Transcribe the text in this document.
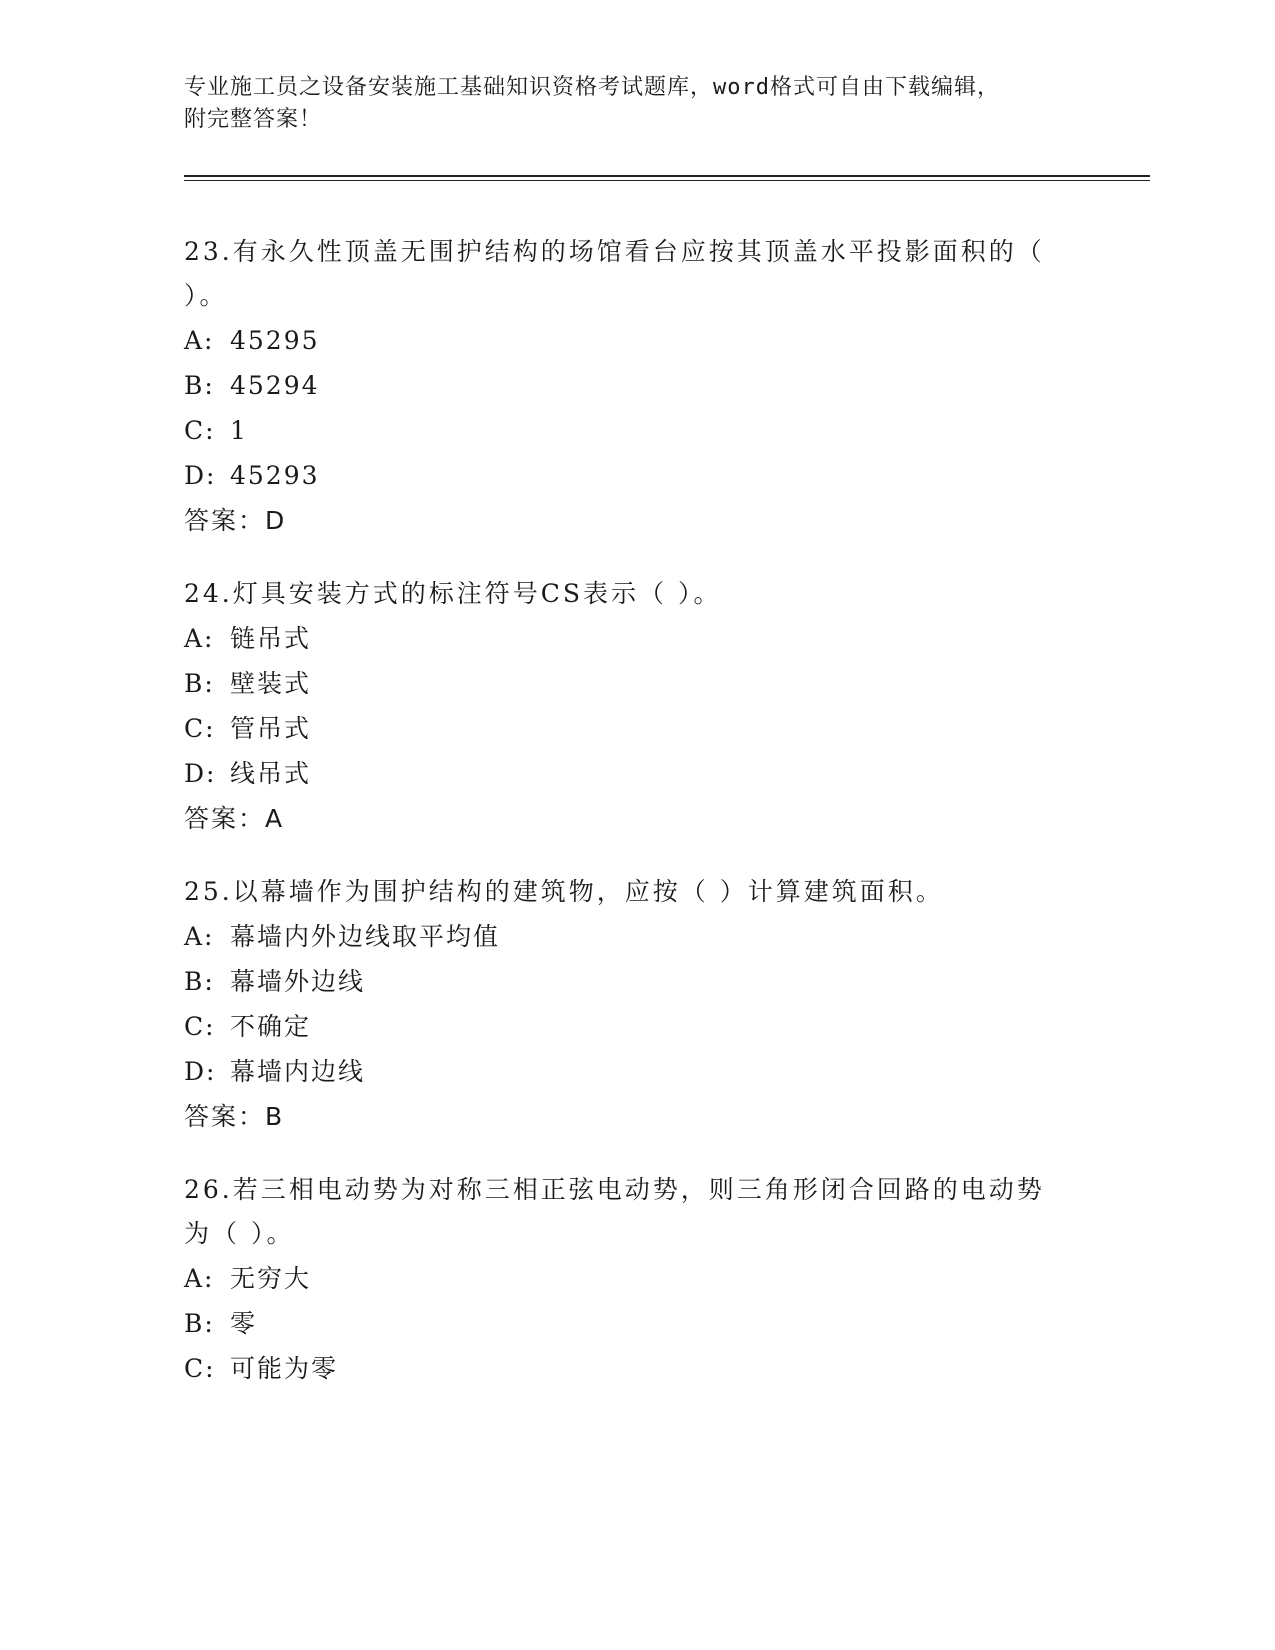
专业施工员之设备安装施工基础知识资格考试题库，word格式可自由下载编辑，
附完整答案！

23.有永久性顶盖无围护结构的场馆看台应按其顶盖水平投影面积的（ ）。

A: 45295

B: 45294

C: 1

D: 45293

答案：D

24.灯具安装方式的标注符号CS表示（ ）。

A: 链吊式

B: 壁装式

C: 管吊式

D: 线吊式

答案：A

25.以幕墙作为围护结构的建筑物，应按（ ）计算建筑面积。

A: 幕墙内外边线取平均值

B: 幕墙外边线

C: 不确定

D: 幕墙内边线

答案：B

26.若三相电动势为对称三相正弦电动势，则三角形闭合回路的电动势为（ ）。

A: 无穷大

B: 零

C: 可能为零
